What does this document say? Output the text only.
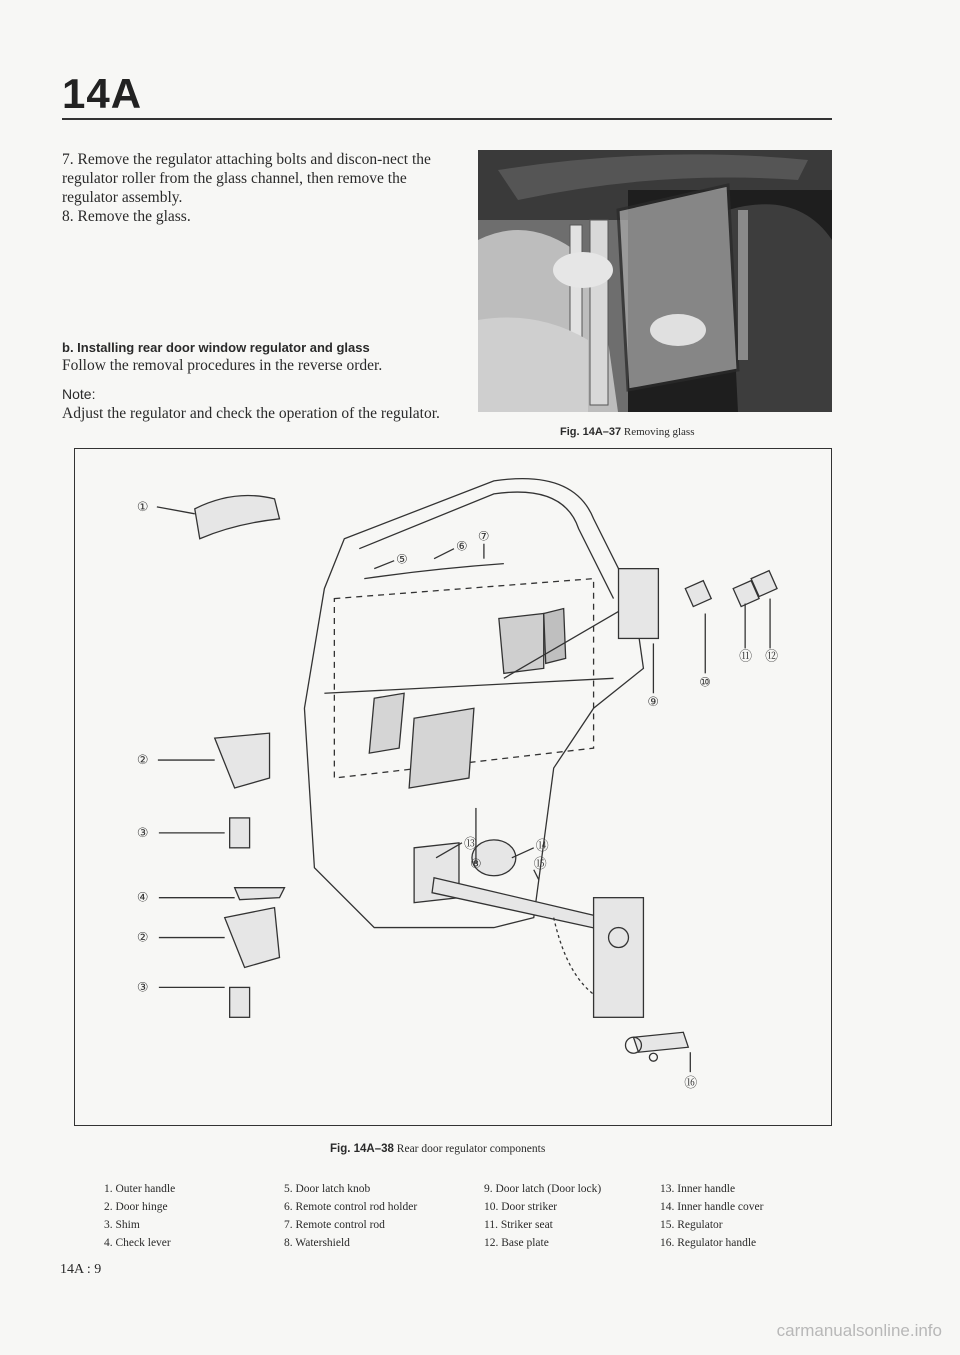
14A

7. Remove the regulator attaching bolts and discon-nect the regulator roller from the glass channel, then remove the regulator assembly.

8. Remove the glass.

b. Installing rear door window regulator and glass
Follow the removal procedures in the reverse order.
Note:
Adjust the regulator and check the operation of the regulator.
Fig. 14A–37 Removing glass
①
②
③
④
②
③
⑤
⑥
⑦
⑧
⑨
⑩
⑪ ⑫
⑬	⑭
⑮
⑯
Fig. 14A–38 Rear door regulator components
1. Outer handle
2. Door hinge
3. Shim
4. Check lever
5. Door latch knob
6. Remote control rod holder
7. Remote control rod
8. Watershield
9. Door latch (Door lock)
10. Door striker
11. Striker seat
12. Base plate
13. Inner handle
14. Inner handle cover
15. Regulator
16. Regulator handle
14A : 9
carmanualsonline.info
